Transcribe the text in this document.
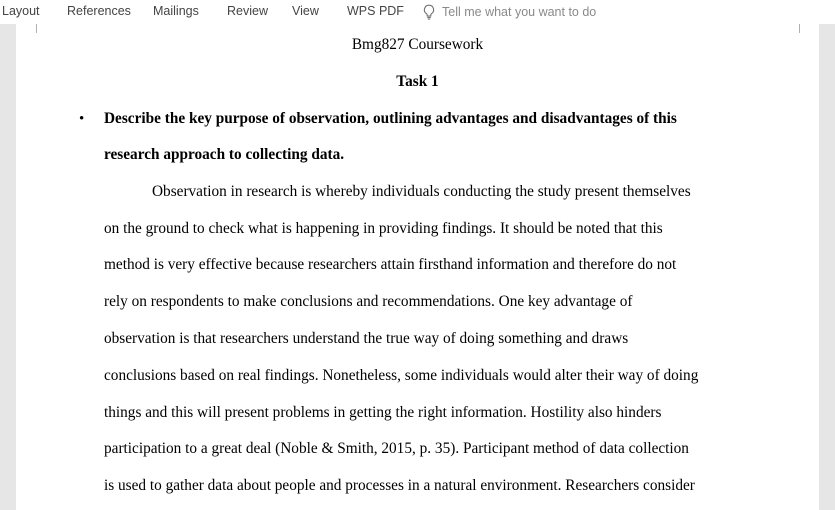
Layout References Mailings Review View WPS PDF	Tell me what you want to do
Bmg827 Coursework
Task 1
• Describe the key purpose of observation, outlining advantages and disadvantages of this
research approach to collecting data.
Observation in research is whereby individuals conducting the study present themselves
on the ground to check what is happening in providing findings. It should be noted that this
method is very effective because researchers attain firsthand information and therefore do not
rely on respondents to make conclusions and recommendations. One key advantage of
observation is that researchers understand the true way of doing something and draws
conclusions based on real findings. Nonetheless, some individuals would alter their way of doing
things and this will present problems in getting the right information. Hostility also hinders
participation to a great deal (Noble & Smith, 2015, p. 35). Participant method of data collection
is used to gather data about people and processes in a natural environment. Researchers consider
